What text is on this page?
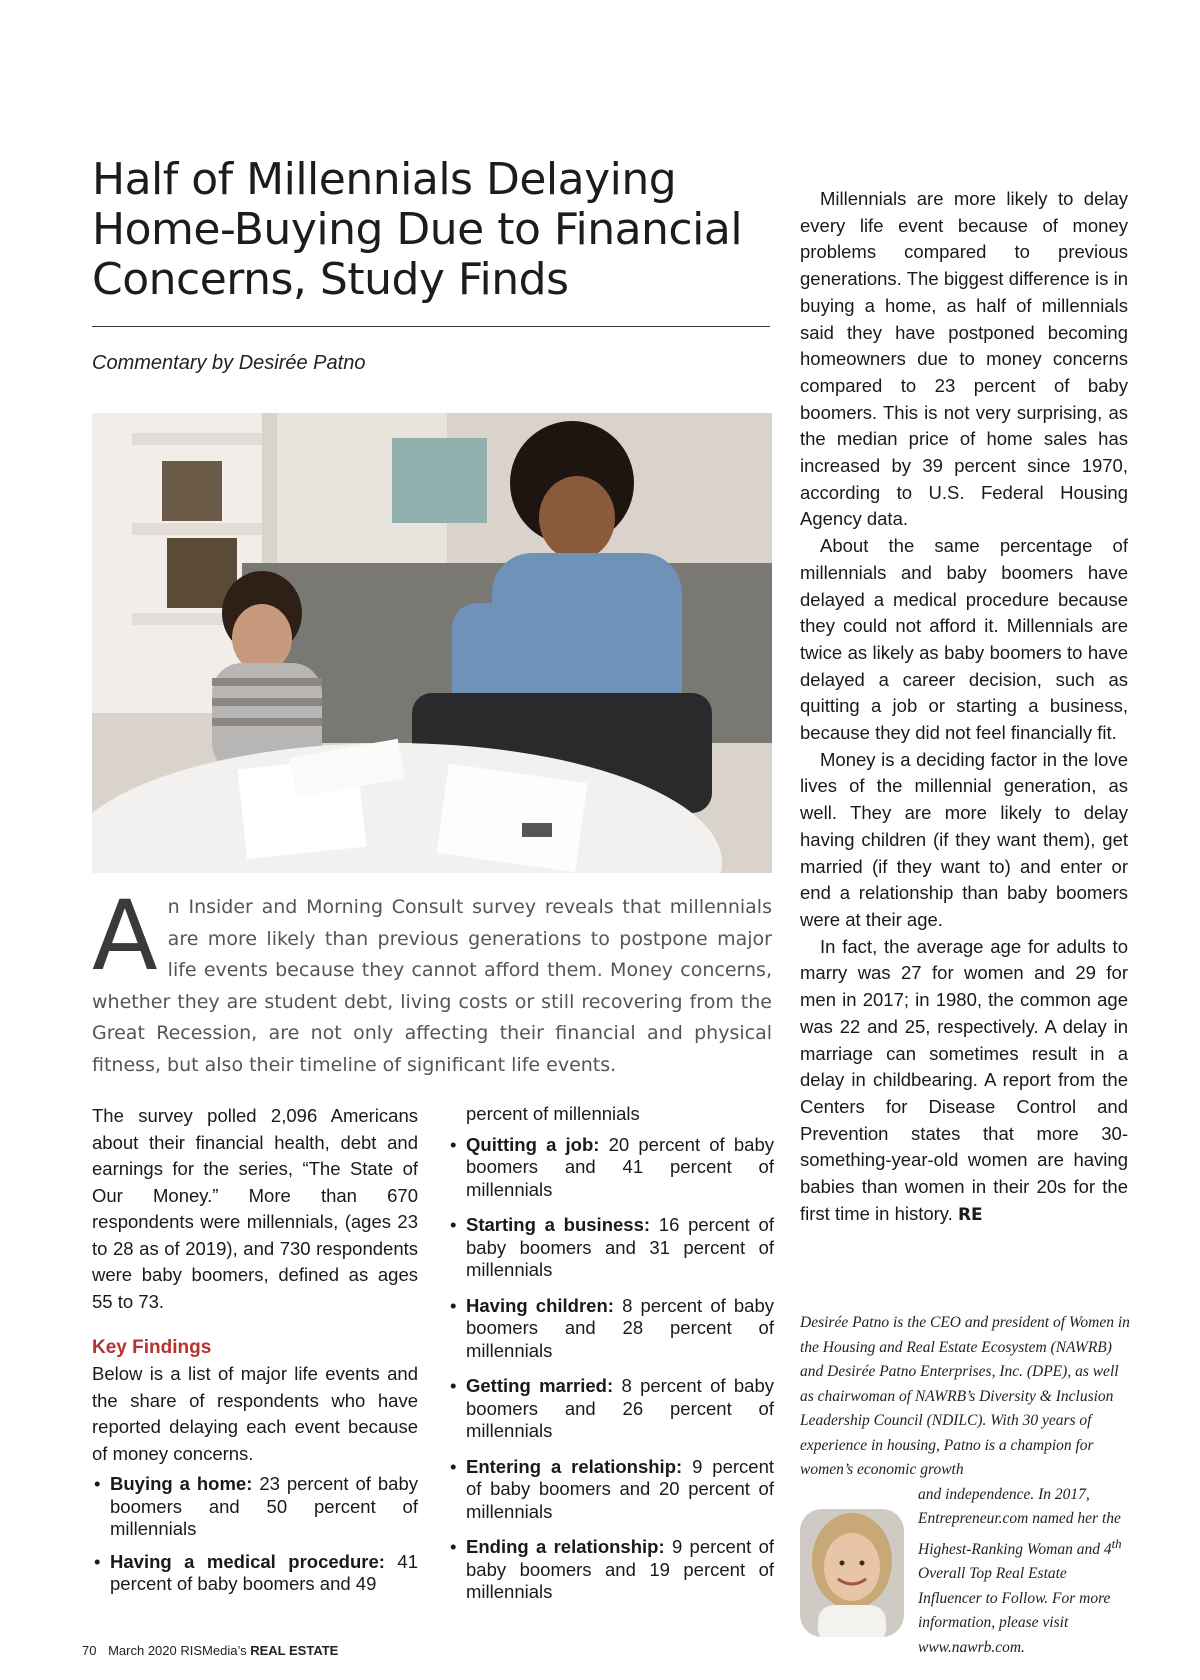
Half of Millennials Delaying Home-Buying Due to Financial Concerns, Study Finds

Commentary by Desirée Patno

An Insider and Morning Consult survey reveals that millennials are more likely than previous generations to postpone major life events because they cannot afford them. Money concerns, whether they are student debt, living costs or still recovering from the Great Recession, are not only affecting their financial and physical fitness, but also their timeline of significant life events.

The survey polled 2,096 Americans about their financial health, debt and earnings for the series, “The State of Our Money.” More than 670 respondents were millennials, (ages 23 to 28 as of 2019), and 730 respondents were baby boomers, defined as ages 55 to 73.

Key Findings

Below is a list of major life events and the share of respondents who have reported delaying each event because of money concerns.

• Buying a home: 23 percent of baby boomers and 50 percent of millennials
• Having a medical procedure: 41 percent of baby boomers and 49

percent of millennials

• Quitting a job: 20 percent of baby boomers and 41 percent of millennials
• Starting a business: 16 percent of baby boomers and 31 percent of millennials
• Having children: 8 percent of baby boomers and 28 percent of millennials
• Getting married: 8 percent of baby boomers and 26 percent of millennials
• Entering a relationship: 9 percent of baby boomers and 20 percent of millennials
• Ending a relationship: 9 percent of baby boomers and 19 percent of millennials

Millennials are more likely to delay every life event because of money problems compared to previous generations. The biggest difference is in buying a home, as half of millennials said they have postponed becoming homeowners due to money concerns compared to 23 percent of baby boomers. This is not very surprising, as the median price of home sales has increased by 39 percent since 1970, according to U.S. Federal Housing Agency data.

About the same percentage of millennials and baby boomers have delayed a medical procedure because they could not afford it. Millennials are twice as likely as baby boomers to have delayed a career decision, such as quitting a job or starting a business, because they did not feel financially fit.

Money is a deciding factor in the love lives of the millennial generation, as well. They are more likely to delay having children (if they want them), get married (if they want to) and enter or end a relationship than baby boomers were at their age.

In fact, the average age for adults to marry was 27 for women and 29 for men in 2017; in 1980, the common age was 22 and 25, respectively. A delay in marriage can sometimes result in a delay in childbearing. A report from the Centers for Disease Control and Prevention states that more 30-something-year-old women are having babies than women in their 20s for the first time in history. RE

Desirée Patno is the CEO and president of Women in the Housing and Real Estate Ecosystem (NAWRB) and Desirée Patno Enterprises, Inc. (DPE), as well as chairwoman of NAWRB’s Diversity & Inclusion Leadership Council (NDILC). With 30 years of experience in housing, Patno is a champion for women’s economic growth

and independence. In 2017, Entrepreneur.com named her the Highest-Ranking Woman and 4th Overall Top Real Estate Influencer to Follow. For more information, please visit www.nawrb.com.

70 March 2020 RISMedia’s REAL ESTATE
